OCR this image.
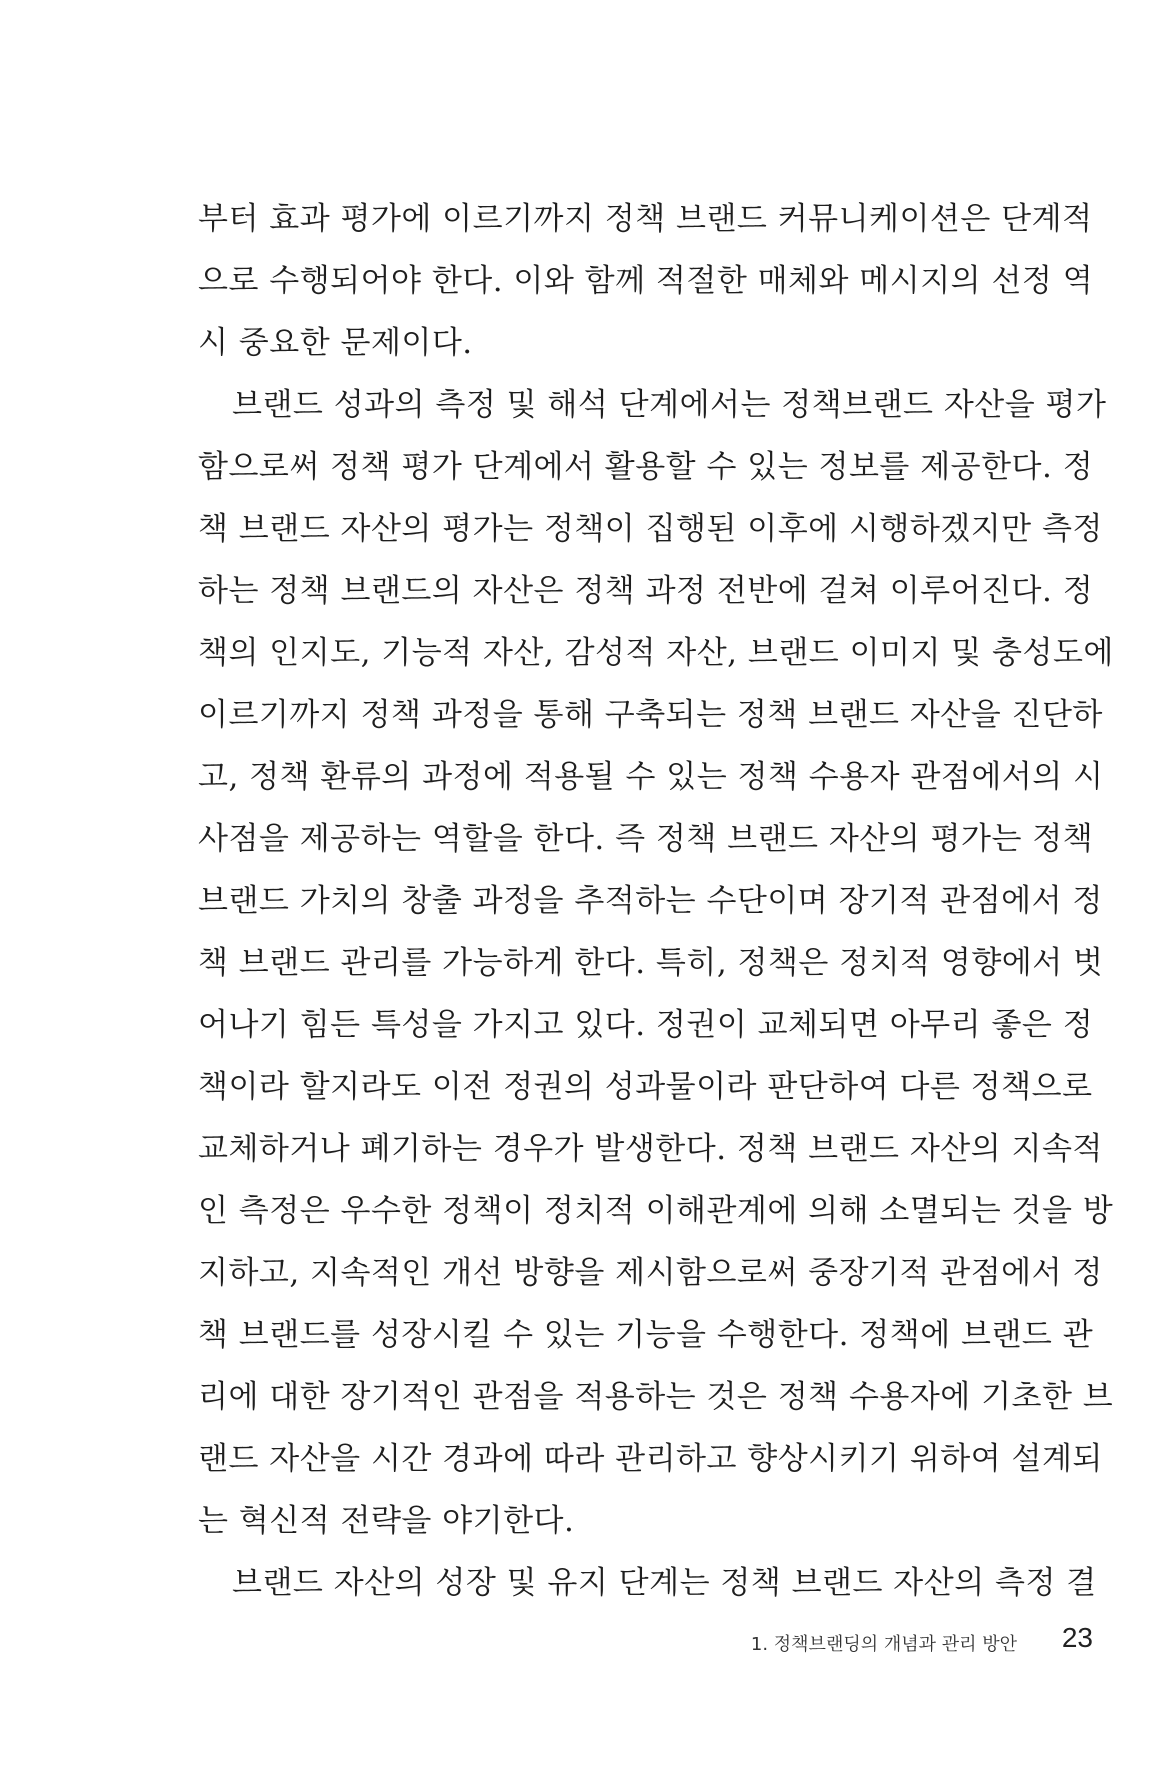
부터 효과 평가에 이르기까지 정책 브랜드 커뮤니케이션은 단계적
으로 수행되어야 한다. 이와 함께 적절한 매체와 메시지의 선정 역
시 중요한 문제이다.
브랜드 성과의 측정 및 해석 단계에서는 정책브랜드 자산을 평가
함으로써 정책 평가 단계에서 활용할 수 있는 정보를 제공한다. 정
책 브랜드 자산의 평가는 정책이 집행된 이후에 시행하겠지만 측정
하는 정책 브랜드의 자산은 정책 과정 전반에 걸쳐 이루어진다. 정
책의 인지도, 기능적 자산, 감성적 자산, 브랜드 이미지 및 충성도에
이르기까지 정책 과정을 통해 구축되는 정책 브랜드 자산을 진단하
고, 정책 환류의 과정에 적용될 수 있는 정책 수용자 관점에서의 시
사점을 제공하는 역할을 한다. 즉 정책 브랜드 자산의 평가는 정책
브랜드 가치의 창출 과정을 추적하는 수단이며 장기적 관점에서 정
책 브랜드 관리를 가능하게 한다. 특히, 정책은 정치적 영향에서 벗
어나기 힘든 특성을 가지고 있다. 정권이 교체되면 아무리 좋은 정
책이라 할지라도 이전 정권의 성과물이라 판단하여 다른 정책으로
교체하거나 폐기하는 경우가 발생한다. 정책 브랜드 자산의 지속적
인 측정은 우수한 정책이 정치적 이해관계에 의해 소멸되는 것을 방
지하고, 지속적인 개선 방향을 제시함으로써 중장기적 관점에서 정
책 브랜드를 성장시킬 수 있는 기능을 수행한다. 정책에 브랜드 관
리에 대한 장기적인 관점을 적용하는 것은 정책 수용자에 기초한 브
랜드 자산을 시간 경과에 따라 관리하고 향상시키기 위하여 설계되
는 혁신적 전략을 야기한다.
브랜드 자산의 성장 및 유지 단계는 정책 브랜드 자산의 측정 결
1. 정책브랜딩의 개념과 관리 방안 23
